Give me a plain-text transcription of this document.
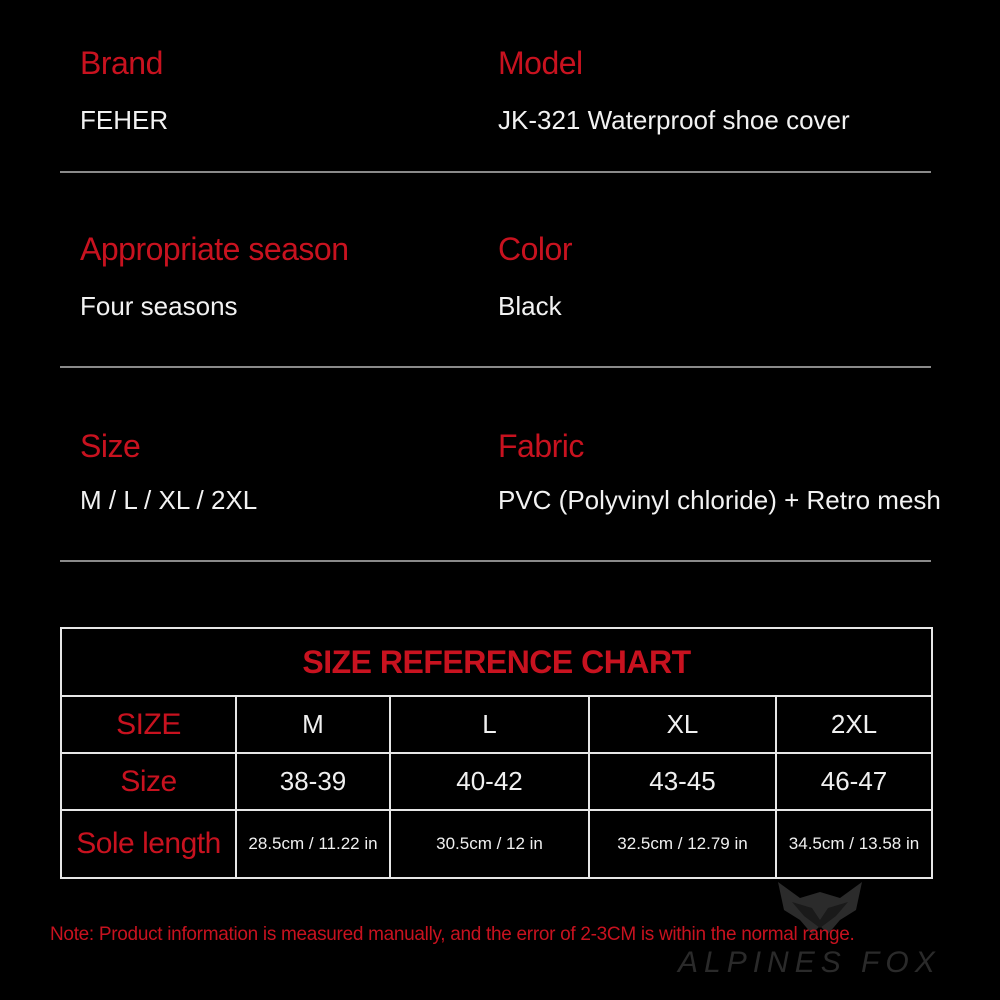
Brand
FEHER
Model
JK-321 Waterproof shoe cover
Appropriate season
Four seasons
Color
Black
Size
M / L / XL / 2XL
Fabric
PVC (Polyvinyl chloride) + Retro mesh
SIZE REFERENCE CHART				
SIZE	M	L	XL	2XL
Size	38-39	40-42	43-45	46-47
Sole length	28.5cm / 11.22 in	30.5cm / 12 in	32.5cm / 12.79 in	34.5cm / 13.58 in
ALPINES FOX
Note: Product information is measured manually, and the error of 2-3CM is within the normal range.
